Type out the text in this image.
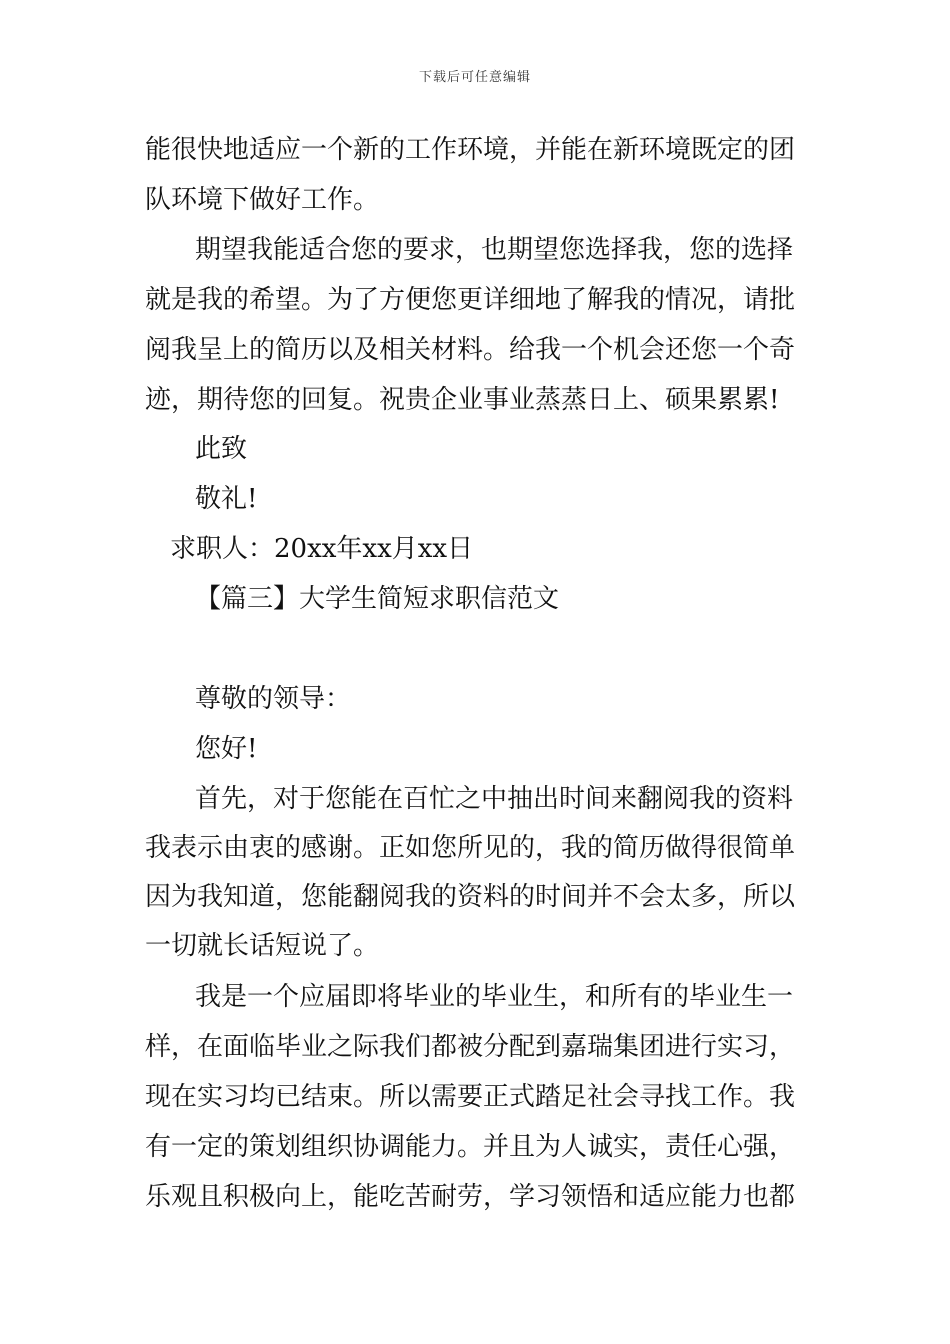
下载后可任意编辑
能很快地适应一个新的工作环境，并能在新环境既定的团
队环境下做好工作。
期望我能适合您的要求，也期望您选择我，您的选择
就是我的希望。为了方便您更详细地了解我的情况，请批
阅我呈上的简历以及相关材料。给我一个机会还您一个奇
迹，期待您的回复。祝贵企业事业蒸蒸日上、硕果累累!
此致
敬礼!
求职人：20xx年xx月xx日
【篇三】大学生简短求职信范文
尊敬的领导：
您好!
首先，对于您能在百忙之中抽出时间来翻阅我的资料
我表示由衷的感谢。正如您所见的，我的简历做得很简单
因为我知道，您能翻阅我的资料的时间并不会太多，所以
一切就长话短说了。
我是一个应届即将毕业的毕业生，和所有的毕业生一
样，在面临毕业之际我们都被分配到嘉瑞集团进行实习，
现在实习均已结束。所以需要正式踏足社会寻找工作。我
有一定的策划组织协调能力。并且为人诚实，责任心强，
乐观且积极向上，能吃苦耐劳，学习领悟和适应能力也都
